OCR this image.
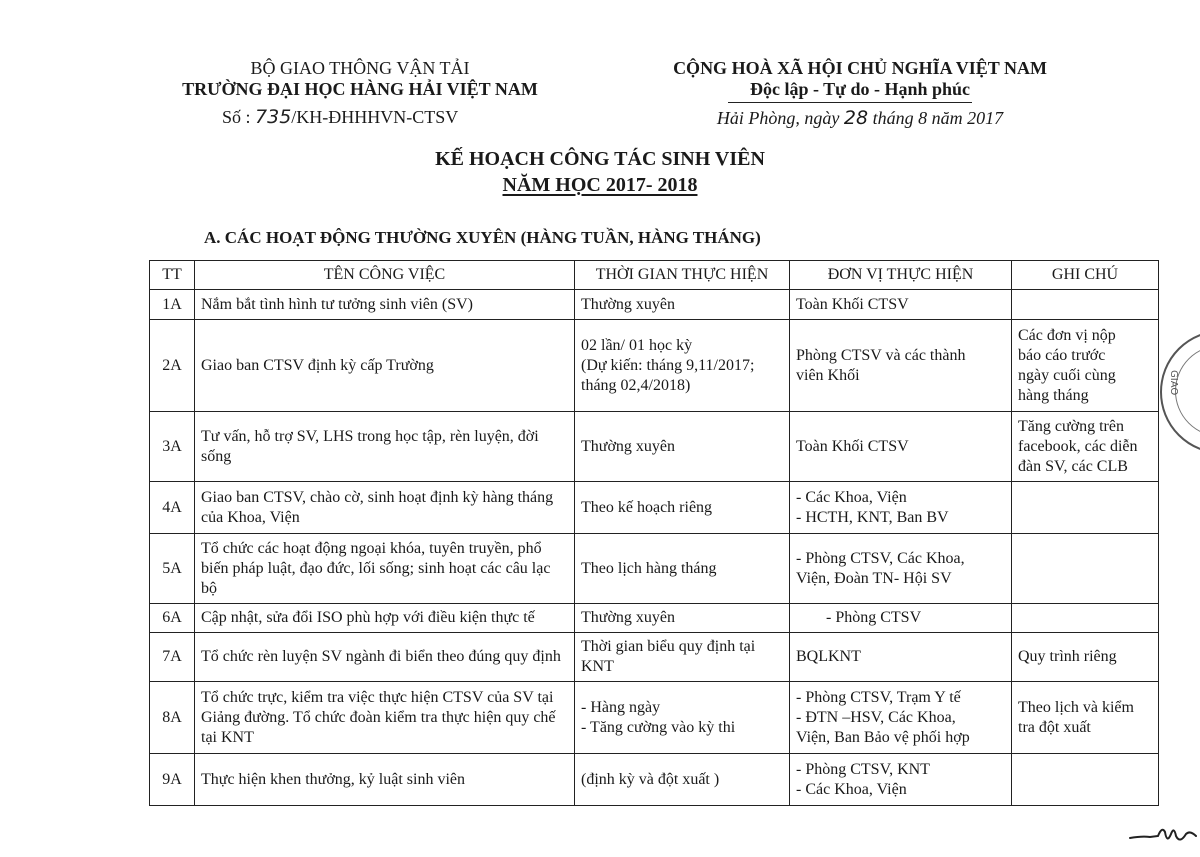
BỘ GIAO THÔNG VẬN TẢI
TRƯỜNG ĐẠI HỌC HÀNG HẢI VIỆT NAM
Số : 735/KH-ĐHHHVN-CTSV
CỘNG HOÀ XÃ HỘI CHỦ NGHĨA VIỆT NAM
Độc lập - Tự do - Hạnh phúc
Hải Phòng, ngày 28 tháng 8 năm 2017
KẾ HOẠCH CÔNG TÁC SINH VIÊN
NĂM HỌC 2017- 2018
A. CÁC HOẠT ĐỘNG THƯỜNG XUYÊN (HÀNG TUẦN, HÀNG THÁNG)
TT	TÊN CÔNG VIỆC	THỜI GIAN THỰC HIỆN	ĐƠN VỊ THỰC HIỆN	GHI CHÚ
1A	Nắm bắt tình hình tư tưởng sinh viên (SV)	Thường xuyên	Toàn Khối CTSV	

2A	Giao ban CTSV định kỳ cấp Trường	02 lần/ 01 học kỳ
(Dự kiến: tháng 9,11/2017;
tháng 02,4/2018)	Phòng CTSV và các thành
viên Khối	Các đơn vị nộp
báo cáo trước
ngày cuối cùng
hàng tháng

3A	Tư vấn, hỗ trợ SV, LHS trong học tập, rèn luyện, đời sống	Thường xuyên	Toàn Khối CTSV	Tăng cường trên
facebook, các diễn
đàn SV, các CLB

4A	Giao ban CTSV, chào cờ, sinh hoạt định kỳ hàng tháng của Khoa, Viện	Theo kế hoạch riêng	- Các Khoa, Viện
- HCTH, KNT, Ban BV	

5A	Tổ chức các hoạt động ngoại khóa, tuyên truyền, phổ biến pháp luật, đạo đức, lối sống; sinh hoạt các câu lạc bộ	Theo lịch hàng tháng	- Phòng CTSV, Các Khoa,
Viện, Đoàn TN- Hội SV	

6A	Cập nhật, sửa đổi ISO phù hợp với điều kiện thực tế	Thường xuyên	- Phòng CTSV	

7A	Tổ chức rèn luyện SV ngành đi biển theo đúng quy định	Thời gian biểu quy định tại
KNT	BQLKNT	Quy trình riêng

8A	Tổ chức trực, kiểm tra việc thực hiện CTSV của SV tại Giảng đường. Tổ chức đoàn kiểm tra thực hiện quy chế tại KNT	- Hàng ngày
- Tăng cường vào kỳ thi	- Phòng CTSV, Trạm Y tế
- ĐTN –HSV, Các Khoa,
Viện, Ban Bảo vệ phối hợp	Theo lịch và kiểm
tra đột xuất

9A	Thực hiện khen thưởng, kỷ luật sinh viên	(định kỳ và đột xuất )	- Phòng CTSV, KNT
- Các Khoa, Viện	

GIAO
